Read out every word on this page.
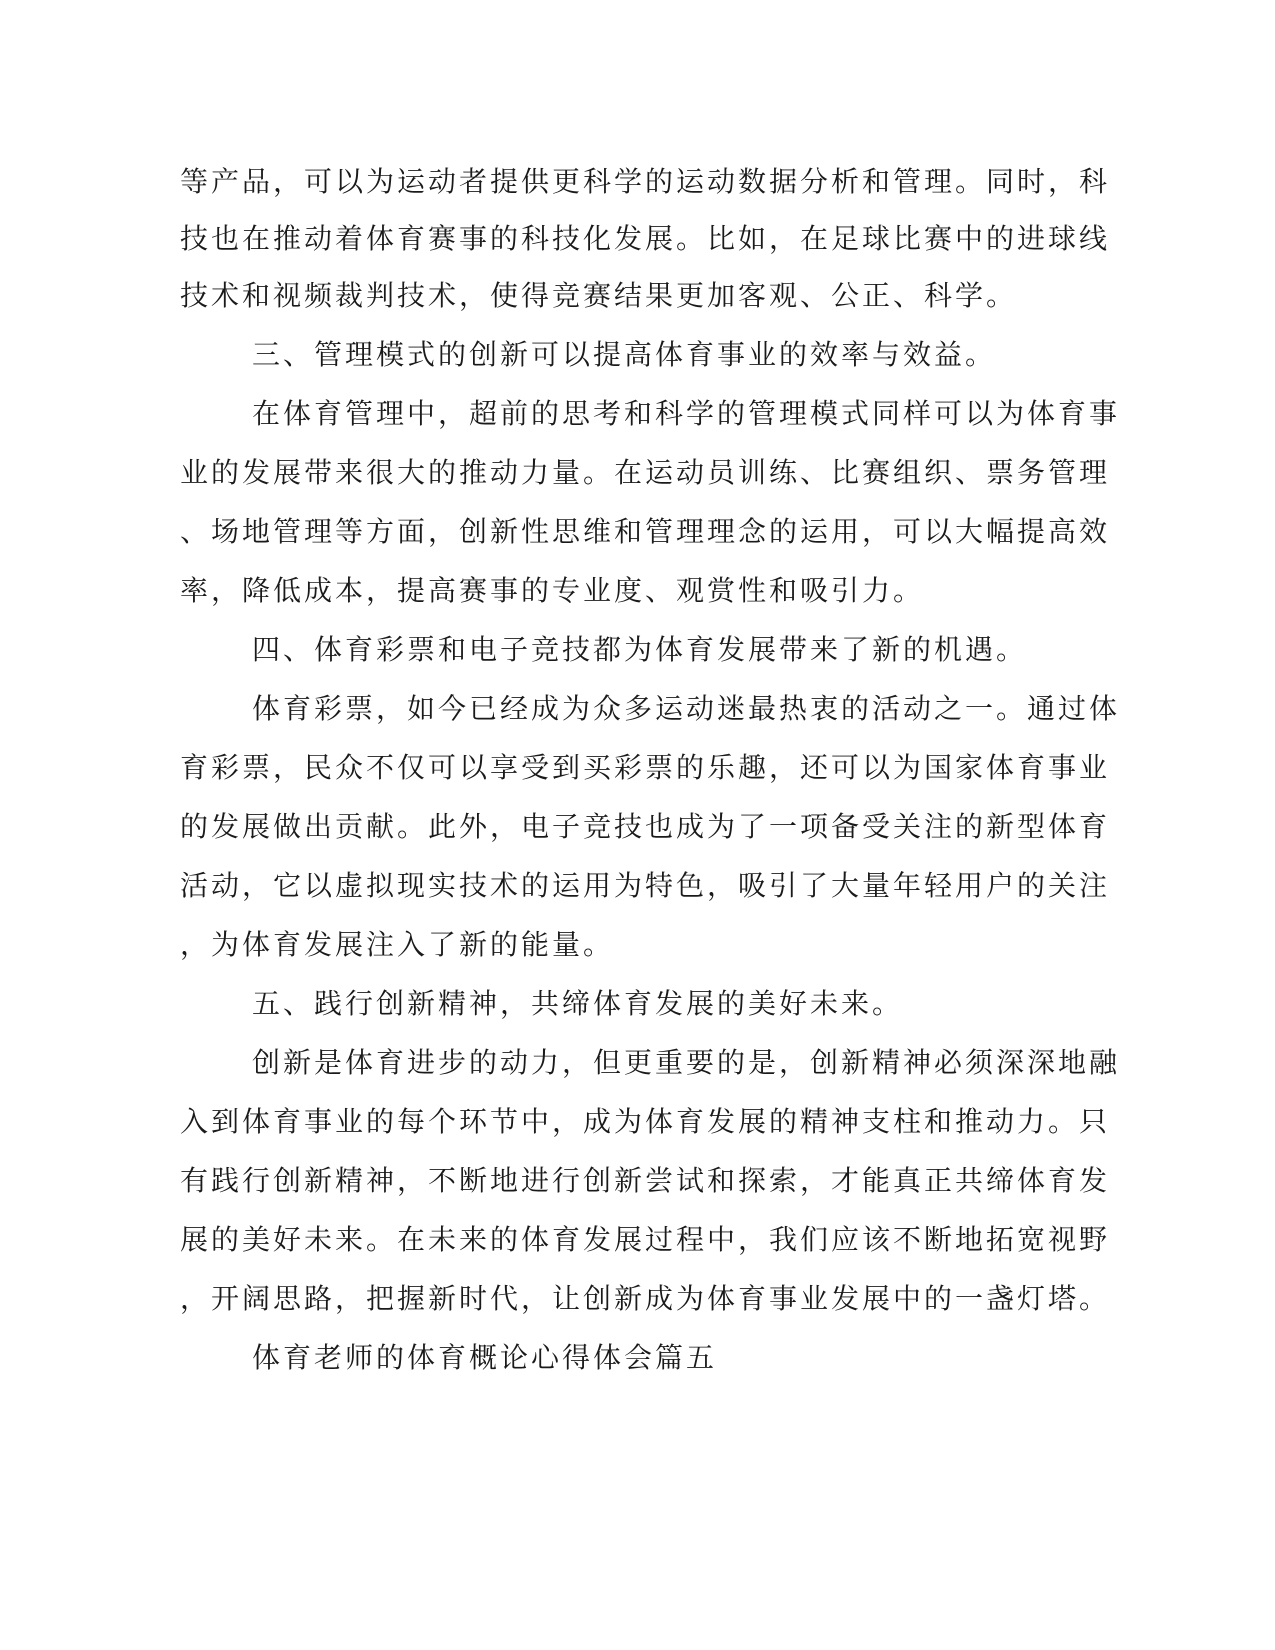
等产品，可以为运动者提供更科学的运动数据分析和管理。同时，科
技也在推动着体育赛事的科技化发展。比如，在足球比赛中的进球线
技术和视频裁判技术，使得竞赛结果更加客观、公正、科学。
三、管理模式的创新可以提高体育事业的效率与效益。
在体育管理中，超前的思考和科学的管理模式同样可以为体育事
业的发展带来很大的推动力量。在运动员训练、比赛组织、票务管理
、场地管理等方面，创新性思维和管理理念的运用，可以大幅提高效
率，降低成本，提高赛事的专业度、观赏性和吸引力。
四、体育彩票和电子竞技都为体育发展带来了新的机遇。
体育彩票，如今已经成为众多运动迷最热衷的活动之一。通过体
育彩票，民众不仅可以享受到买彩票的乐趣，还可以为国家体育事业
的发展做出贡献。此外，电子竞技也成为了一项备受关注的新型体育
活动，它以虚拟现实技术的运用为特色，吸引了大量年轻用户的关注
，为体育发展注入了新的能量。
五、践行创新精神，共缔体育发展的美好未来。
创新是体育进步的动力，但更重要的是，创新精神必须深深地融
入到体育事业的每个环节中，成为体育发展的精神支柱和推动力。只
有践行创新精神，不断地进行创新尝试和探索，才能真正共缔体育发
展的美好未来。在未来的体育发展过程中，我们应该不断地拓宽视野
，开阔思路，把握新时代，让创新成为体育事业发展中的一盏灯塔。
体育老师的体育概论心得体会篇五
